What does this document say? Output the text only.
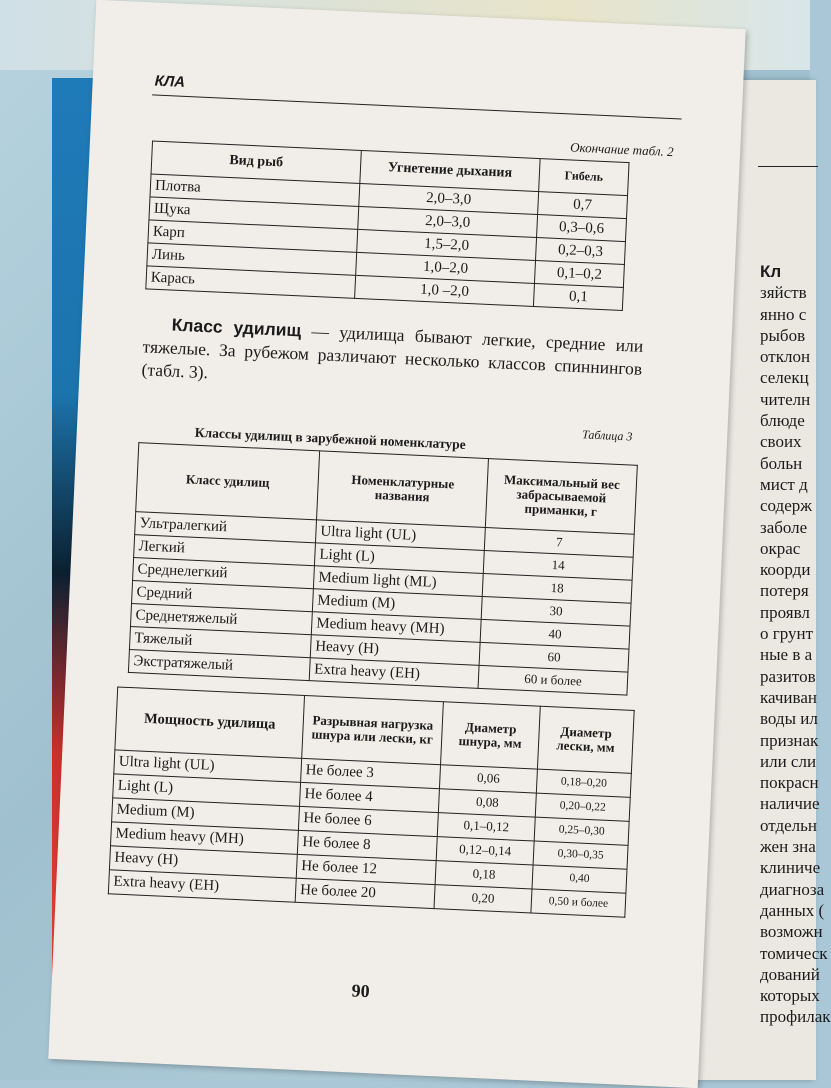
Кл
зяйств
янно с
рыбов
отклон
селекц
чителн
блюде
своих
больн
мист д
содерж
заболе
окрас
коорди
потеря
проявл
о грунт
ные в а
разитов
качиван
воды ил
признак
или сли
покрасн
наличие
отдельн
жен зна
клиниче
диагноза
данных (
возможн
томическ
дований
которых
профилак
КЛА
Окончание табл. 2
Вид рыб	Угнетение дыхания	Гибель
Плотва	2,0–3,0	0,7
Щука	2,0–3,0	0,3–0,6
Карп	1,5–2,0	0,2–0,3
Линь	1,0–2,0	0,1–0,2
Карась	1,0 –2,0	0,1
Класс удилищ — удилища бывают легкие, средние или тяжелые. За рубежом различают несколько классов спиннингов (табл. 3).
Таблица 3
Классы удилищ в зарубежной номенклатуре
Класс удилищ	Номенклатурные названия	Максимальный вес забрасываемой приманки, г
Ультралегкий	Ultra light (UL)	7
Легкий	Light (L)	14
Среднелегкий	Medium light (ML)	18
Средний	Medium (M)	30
Среднетяжелый	Medium heavy (MH)	40
Тяжелый	Heavy (H)	60
Экстратяжелый	Extra heavy (EH)	60 и более
Мощность удилища	Разрывная нагрузка шнура или лески, кг	Диаметр шнура, мм	Диаметр лески, мм
Ultra light (UL)	Не более 3	0,06	0,18–0,20
Light (L)	Не более 4	0,08	0,20–0,22
Medium (M)	Не более 6	0,1–0,12	0,25–0,30
Medium heavy (MH)	Не более 8	0,12–0,14	0,30–0,35
Heavy (H)	Не более 12	0,18	0,40
Extra heavy (EH)	Не более 20	0,20	0,50 и более
90
